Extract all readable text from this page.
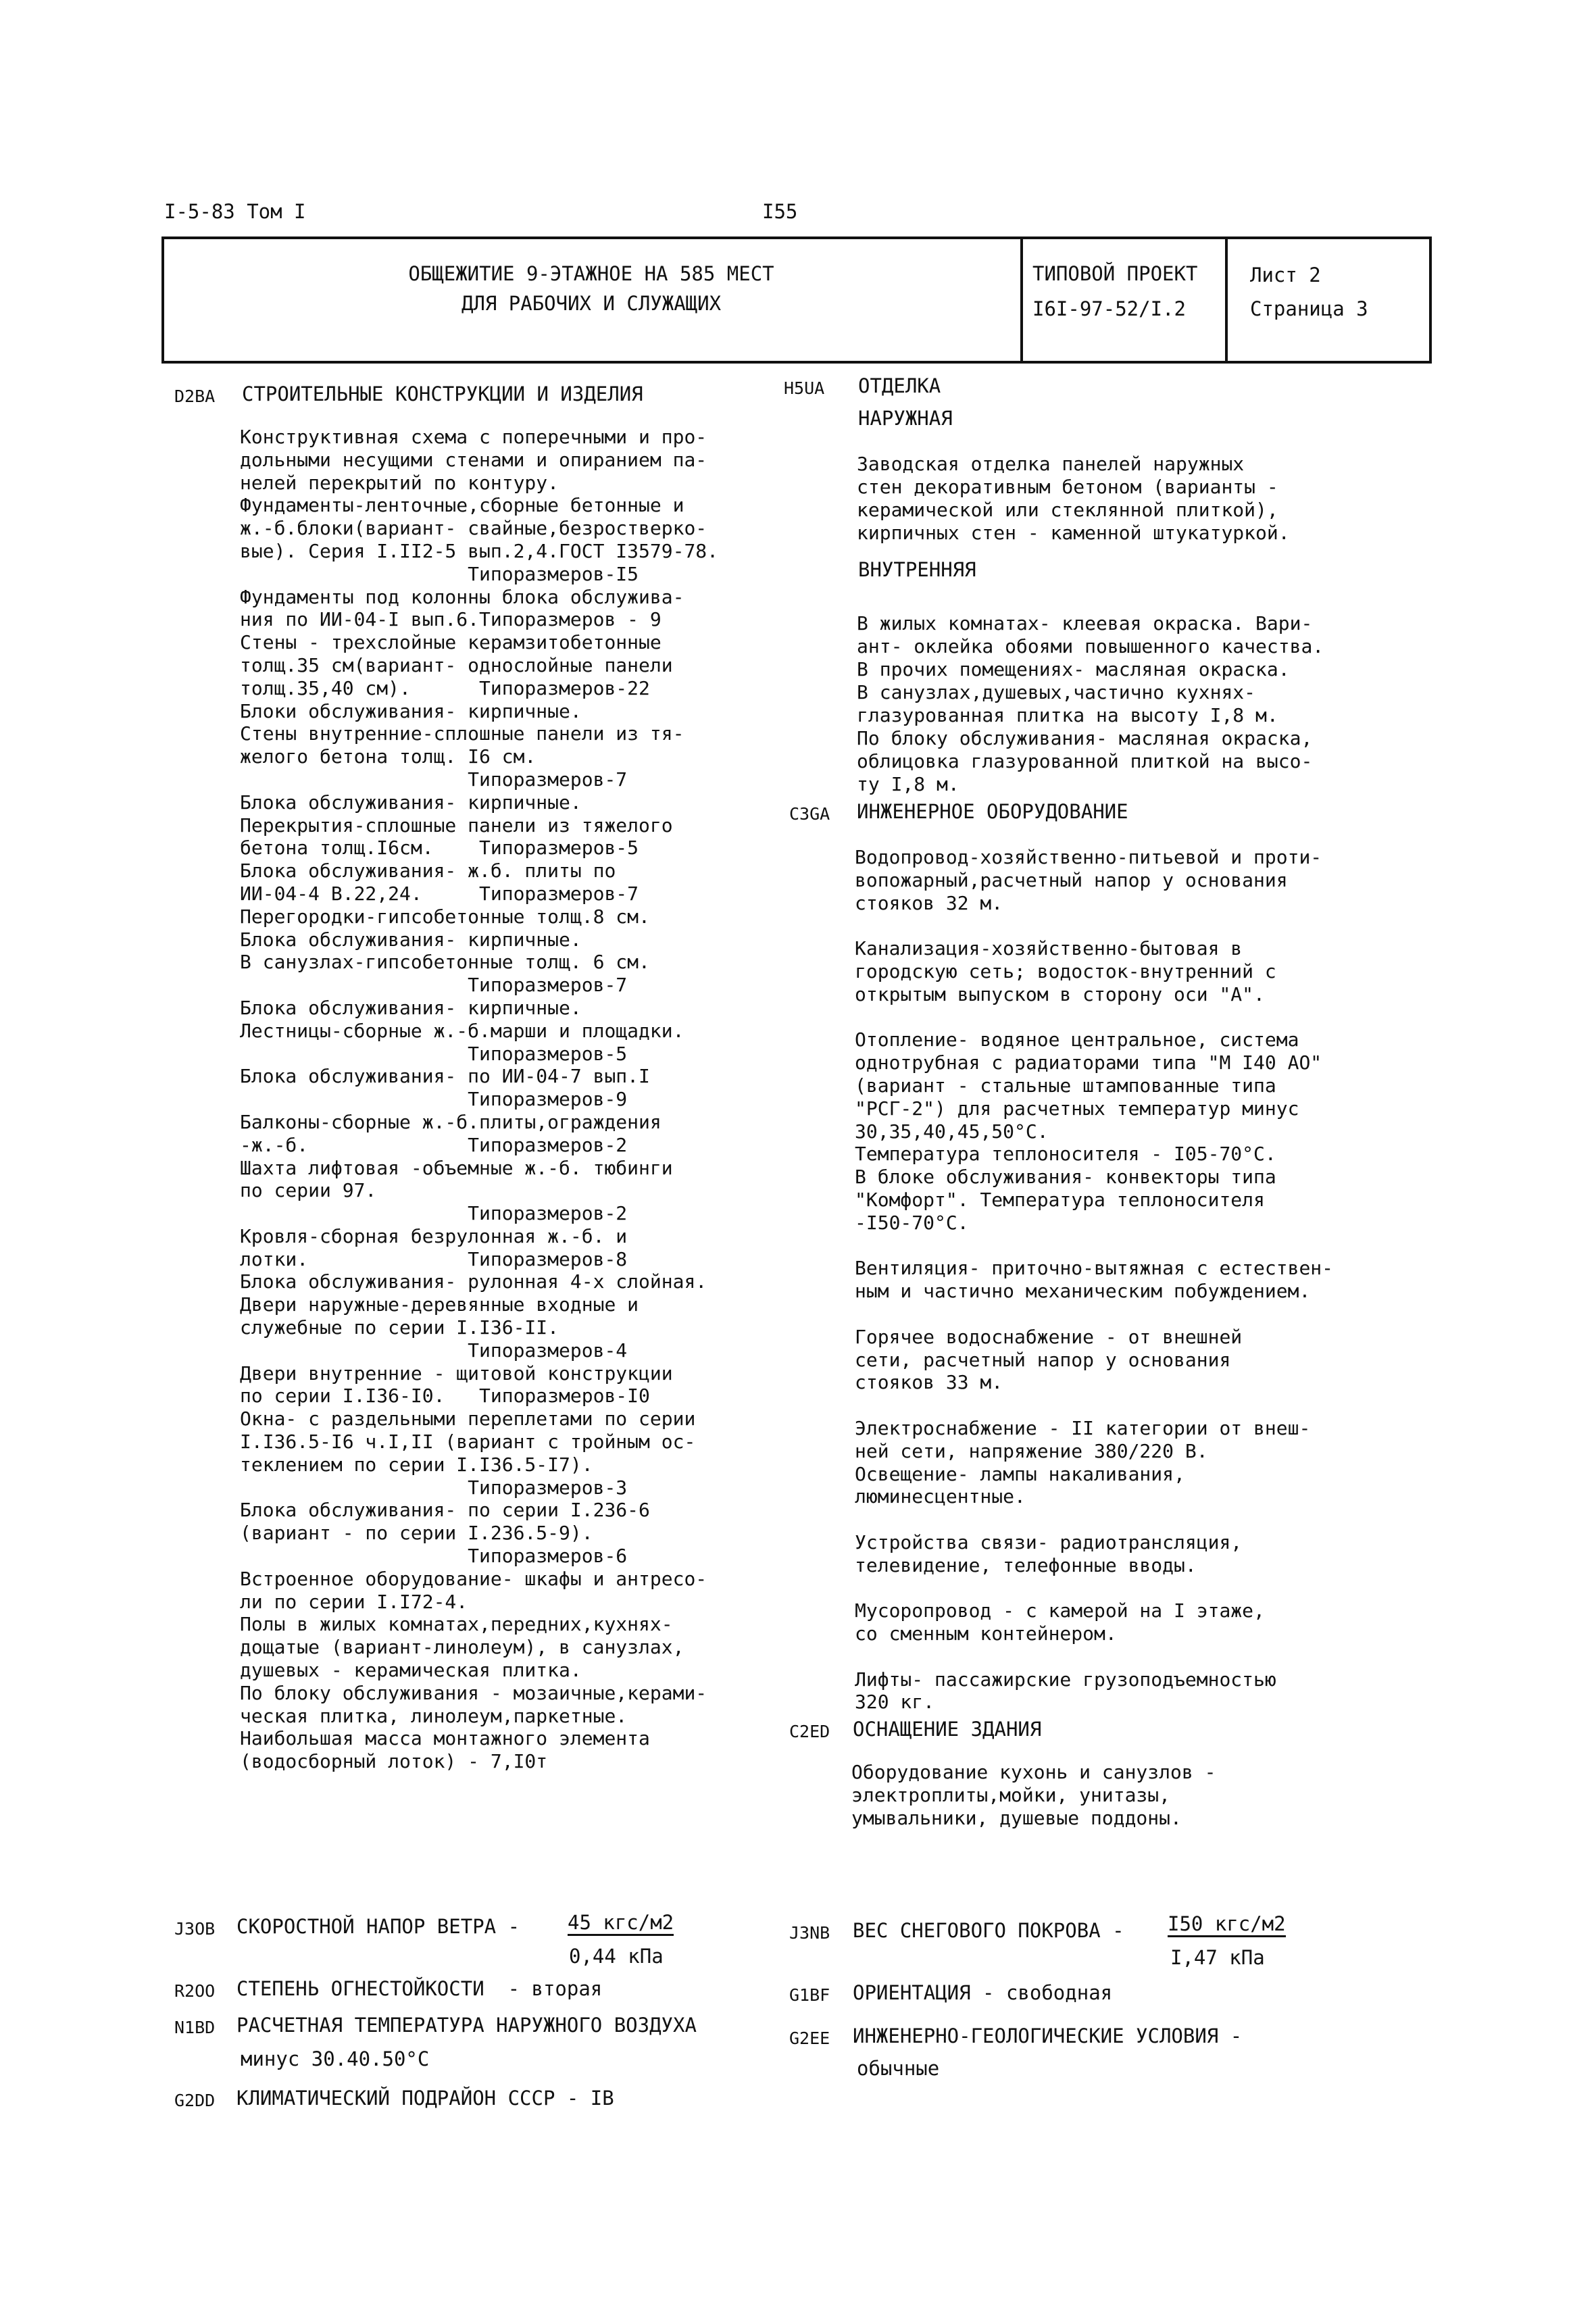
I-5-83 Том I	I55
ОБЩЕЖИТИЕ 9-ЭТАЖНОЕ НА 585 МЕСТ
ДЛЯ РАБОЧИХ И СЛУЖАЩИХ
ТИПОВОЙ ПРОЕКТ
I6I-97-52/I.2
Лист 2
Страница 3
D2BA СТРОИТЕЛЬНЫЕ КОНСТРУКЦИИ И ИЗДЕЛИЯ
Конструктивная схема с поперечными и про-
дольными несущими стенами и опиранием па-
нелей перекрытий по контуру.
Фундаменты-ленточные,сборные бетонные и
ж.-б.блоки(вариант- свайные,безростверко-
вые). Серия I.II2-5 вып.2,4.ГОСТ I3579-78.
Типоразмеров-I5
Фундаменты под колонны блока обслужива-
ния по ИИ-04-I вып.6.Типоразмеров - 9
Стены - трехслойные керамзитобетонные
толщ.35 см(вариант- однослойные панели
толщ.35,40 см).      Типоразмеров-22
Блоки обслуживания- кирпичные.
Стены внутренние-сплошные панели из тя-
желого бетона толщ. I6 см.
Типоразмеров-7
Блока обслуживания- кирпичные.
Перекрытия-сплошные панели из тяжелого
бетона толщ.I6см.    Типоразмеров-5
Блока обслуживания- ж.б. плиты по
ИИ-04-4 В.22,24.     Типоразмеров-7
Перегородки-гипсобетонные толщ.8 см.
Блока обслуживания- кирпичные.
В санузлах-гипсобетонные толщ. 6 см.
Типоразмеров-7
Блока обслуживания- кирпичные.
Лестницы-сборные ж.-б.марши и площадки.
Типоразмеров-5
Блока обслуживания- по ИИ-04-7 вып.I
Типоразмеров-9
Балконы-сборные ж.-б.плиты,ограждения
-ж.-б.              Типоразмеров-2
Шахта лифтовая -объемные ж.-б. тюбинги
по серии 97.
Типоразмеров-2
Кровля-сборная безрулонная ж.-б. и
лотки.              Типоразмеров-8
Блока обслуживания- рулонная 4-х слойная.
Двери наружные-деревянные входные и
служебные по серии I.I36-II.
Типоразмеров-4
Двери внутренние - щитовой конструкции
по серии I.I36-I0.   Типоразмеров-I0
Окна- с раздельными переплетами по серии
I.I36.5-I6 ч.I,II (вариант с тройным ос-
теклением по серии I.I36.5-I7).
Типоразмеров-3
Блока обслуживания- по серии I.236-6
(вариант - по серии I.236.5-9).
Типоразмеров-6
Встроенное оборудование- шкафы и антресо-
ли по серии I.I72-4.
Полы в жилых комнатах,передних,кухнях-
дощатые (вариант-линолеум), в санузлах,
душевых - керамическая плитка.
По блоку обслуживания - мозаичные,керами-
ческая плитка, линолеум,паркетные.
Наибольшая масса монтажного элемента
(водосборный лоток) - 7,I0т
J3OB СКОРОСТНОЙ НАПОР ВЕТРА - 45 кгс/м2
0,44 кПа
R2OO СТЕПЕНЬ ОГНЕСТОЙКОСТИ  - вторая
N1BD РАСЧЕТНАЯ ТЕМПЕРАТУРА НАРУЖНОГО ВОЗДУХА
минус 30.40.50°С
G2DD КЛИМАТИЧЕСКИЙ ПОДРАЙОН СССР - IВ
H5UA ОТДЕЛКА
НАРУЖНАЯ
Заводская отделка панелей наружных
стен декоративным бетоном (варианты -
керамической или стеклянной плиткой),
кирпичных стен - каменной штукатуркой.
ВНУТРЕННЯЯ
В жилых комнатах- клеевая окраска. Вари-
ант- оклейка обоями повышенного качества.
В прочих помещениях- масляная окраска.
В санузлах,душевых,частично кухнях-
глазурованная плитка на высоту I,8 м.
По блоку обслуживания- масляная окраска,
облицовка глазурованной плиткой на высо-
ту I,8 м.
C3GA ИНЖЕНЕРНОЕ ОБОРУДОВАНИЕ
Водопровод-хозяйственно-питьевой и проти-
вопожарный,расчетный напор у основания
стояков 32 м.

Канализация-хозяйственно-бытовая в
городскую сеть; водосток-внутренний с
открытым выпуском в сторону оси "А".

Отопление- водяное центральное, система
однотрубная с радиаторами типа "М I40 АО"
(вариант - стальные штампованные типа
"РСГ-2") для расчетных температур минус
30,35,40,45,50°С.
Температура теплоносителя - I05-70°С.
В блоке обслуживания- конвекторы типа
"Комфорт". Температура теплоносителя
-I50-70°С.

Вентиляция- приточно-вытяжная с естествен-
ным и частично механическим побуждением.

Горячее водоснабжение - от внешней
сети, расчетный напор у основания
стояков 33 м.

Электроснабжение - II категории от внеш-
ней сети, напряжение 380/220 В.
Освещение- лампы накаливания,
люминесцентные.

Устройства связи- радиотрансляция,
телевидение, телефонные вводы.

Мусоропровод - с камерой на I этаже,
со сменным контейнером.

Лифты- пассажирские грузоподъемностью
320 кг.
C2ED ОСНАЩЕНИЕ ЗДАНИЯ
Оборудование кухонь и санузлов -
электроплиты,мойки, унитазы,
умывальники, душевые поддоны.
J3NB ВЕС СНЕГОВОГО ПОКРОВА - I50 кгс/м2
I,47 кПа
G1BF ОРИЕНТАЦИЯ - свободная
G2EE ИНЖЕНЕРНО-ГЕОЛОГИЧЕСКИЕ УСЛОВИЯ -
обычные
